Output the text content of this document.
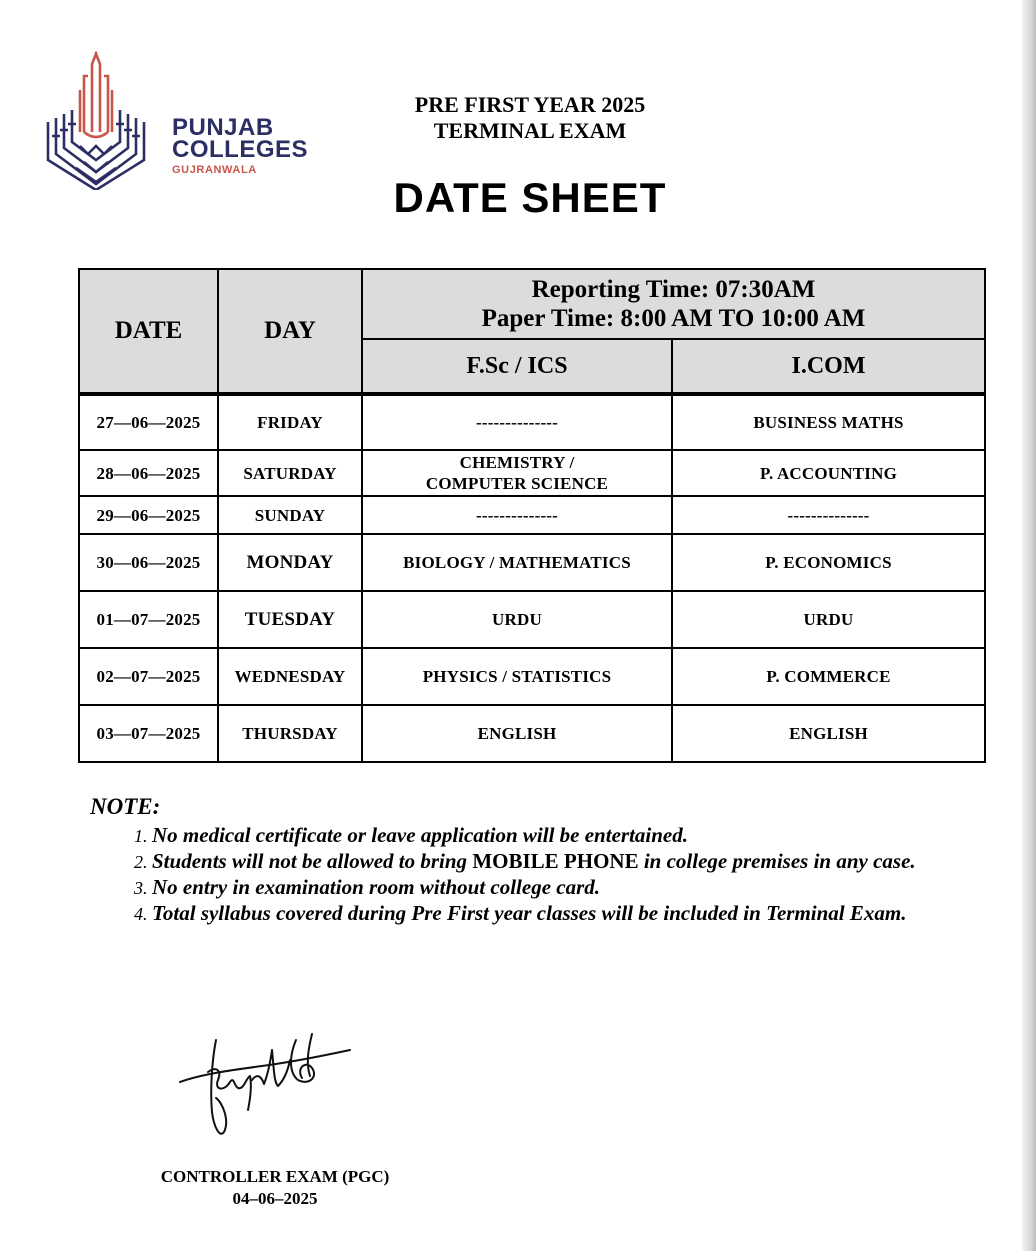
PUNJAB
COLLEGES
GUJRANWALA
PRE FIRST YEAR 2025
TERMINAL EXAM
DATE SHEET
DATE	DAY	Reporting Time: 07:30AM
Paper Time: 8:00 AM TO 10:00 AM	

		F.Sc / ICS	I.COM

27—06—2025	FRIDAY	--------------	BUSINESS MATHS
28—06—2025	SATURDAY	CHEMISTRY /
COMPUTER SCIENCE	P. ACCOUNTING
29—06—2025	SUNDAY	--------------	--------------
30—06—2025	MONDAY	BIOLOGY / MATHEMATICS	P. ECONOMICS
01—07—2025	TUESDAY	URDU	URDU
02—07—2025	WEDNESDAY	PHYSICS / STATISTICS	P. COMMERCE
03—07—2025	THURSDAY	ENGLISH	ENGLISH
NOTE:
1. No medical certificate or leave application will be entertained.
2. Students will not be allowed to bring MOBILE PHONE in college premises in any case.
3. No entry in examination room without college card.
4. Total syllabus covered during Pre First year classes will be included in Terminal Exam.
CONTROLLER EXAM (PGC)
04–06–2025
